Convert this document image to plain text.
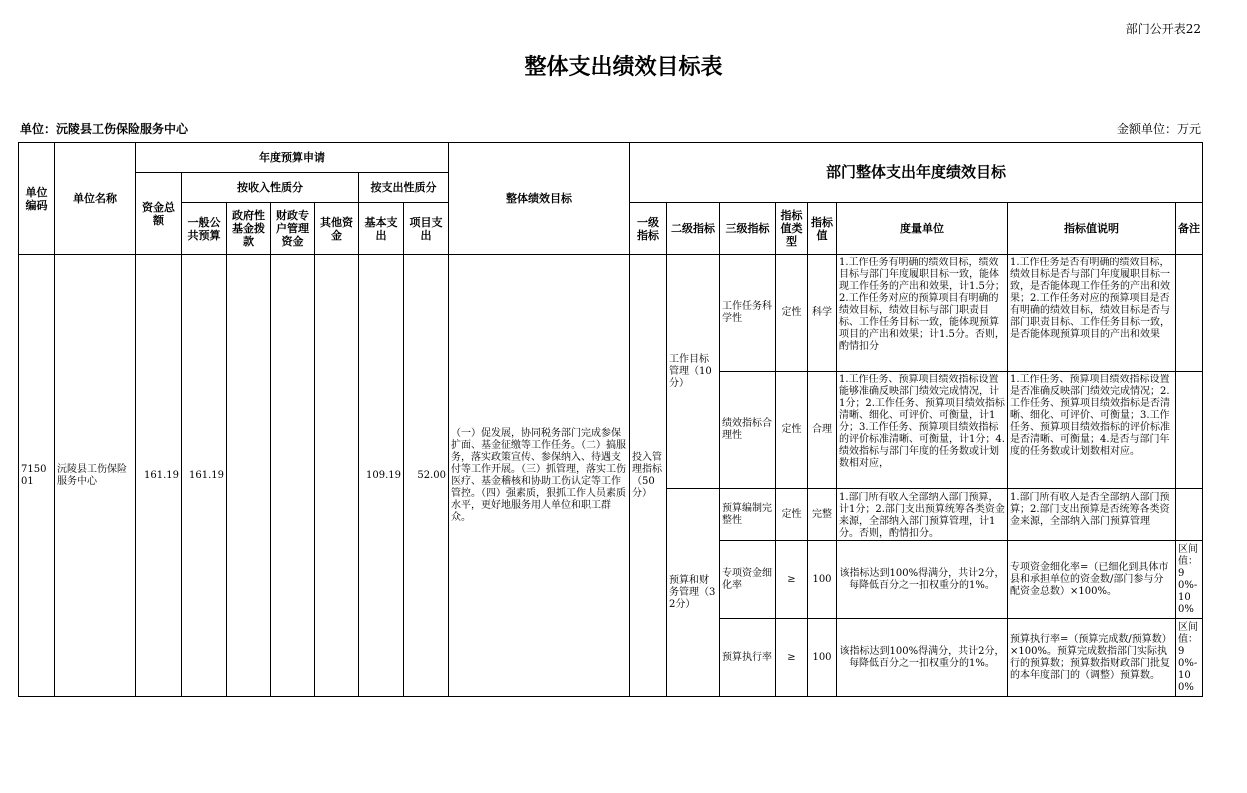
部门公开表22
整体支出绩效目标表
单位：沅陵县工伤保险服务中心	金额单位：万元
单位编码	单位名称	年度预算申请							整体绩效目标	部门整体支出年度绩效目标							
		资金总额	按收入性质分				按支出性质分										
			一般公共预算	政府性基金拨款	财政专户管理资金	其他资金	基本支出	项目支出		一级指标	二级指标	三级指标	指标值类型	指标值	度量单位	指标值说明	备注
715001	沅陵县工伤保险服务中心	161.19	161.19				109.19	52.00	（一）促发展，协同税务部门完成参保扩面、基金征缴等工作任务。（二）搞服务，落实政策宣传、参保纳入、待遇支付等工作开展。（三）抓管理，落实工伤医疗、基金稽核和协助工伤认定等工作管控。（四）强素质，狠抓工作人员素质水平，更好地服务用人单位和职工群众。	投入管理指标（50分）	工作目标管理（10分）	工作任务科学性	定性	科学	1.工作任务有明确的绩效目标，绩效目标与部门年度履职目标一致，能体现工作任务的产出和效果，计1.5分；2.工作任务对应的预算项目有明确的绩效目标，绩效目标与部门职责目标、工作任务目标一致，能体现预算项目的产出和效果；计1.5分。否则，酌情扣分	1.工作任务是否有明确的绩效目标，绩效目标是否与部门年度履职目标一致，是否能体现工作任务的产出和效果；2.工作任务对应的预算项目是否有明确的绩效目标，绩效目标是否与部门职责目标、工作任务目标一致，是否能体现预算项目的产出和效果	

												绩效指标合理性	定性	合理	1.工作任务、预算项目绩效指标设置能够准确反映部门绩效完成情况，计1分；2.工作任务、预算项目绩效指标清晰、细化、可评价、可衡量，计1分；3.工作任务、预算项目绩效指标的评价标准清晰、可衡量，计1分；4.绩效指标与部门年度的任务数或计划数相对应，	1.工作任务、预算项目绩效指标设置是否准确反映部门绩效完成情况；2.工作任务、预算项目绩效指标是否清晰、细化、可评价、可衡量；3.工作任务、预算项目绩效指标的评价标准是否清晰、可衡量；4.是否与部门年度的任务数或计划数相对应。	

											预算和财务管理（32分）	预算编制完整性	定性	完整	1.部门所有收入全部纳入部门预算，计1分；2.部门支出预算统筹各类资金来源，全部纳入部门预算管理，计1分。否则，酌情扣分。	1.部门所有收入是否全部纳入部门预算；2.部门支出预算是否统筹各类资金来源，全部纳入部门预算管理	

												专项资金细化率	≥	100	该指标达到100%得满分，共计2分，每降低百分之一扣权重分的1%。	专项资金细化率=（已细化到具体市县和承担单位的资金数/部门参与分配资金总数）×100%。	区间值：90%-100%
												预算执行率	≥	100	该指标达到100%得满分，共计2分，每降低百分之一扣权重分的1%。	预算执行率=（预算完成数/预算数）×100%。预算完成数指部门实际执行的预算数；预算数指财政部门批复的本年度部门的（调整）预算数。	区间值：90%-100%
